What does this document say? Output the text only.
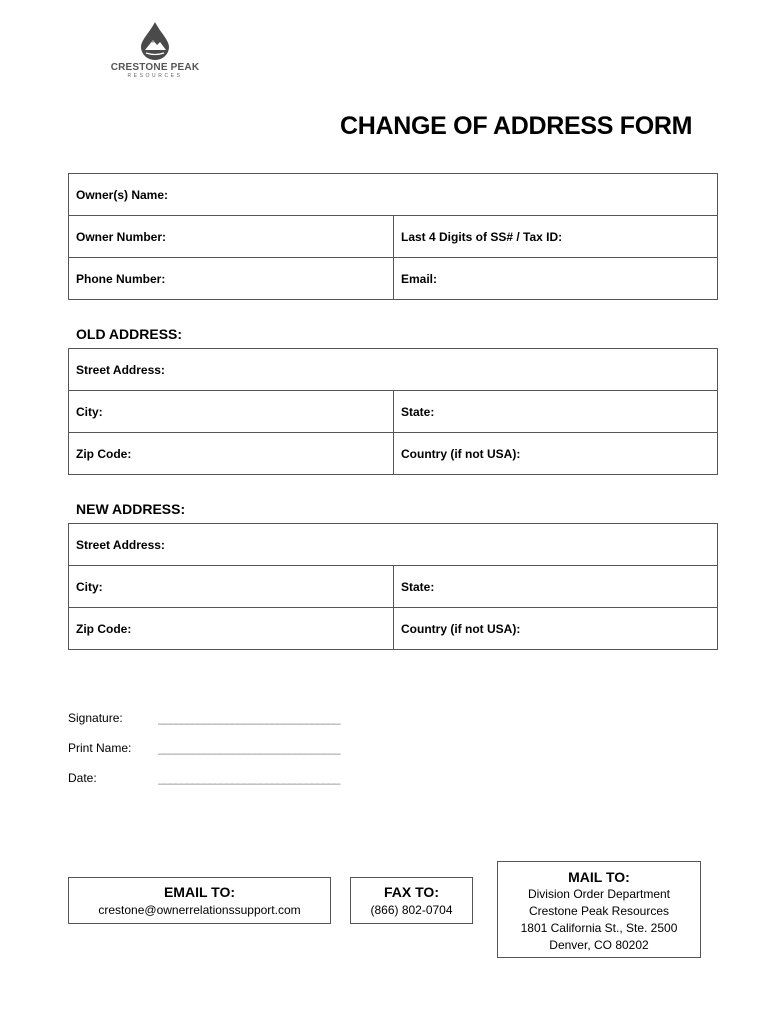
CRESTONE PEAK
RESOURCES
CHANGE OF ADDRESS FORM
Owner(s) Name:	
Owner Number:	Last 4 Digits of SS# / Tax ID:
Phone Number:	Email:
OLD ADDRESS:
Street Address:	
City:	State:
Zip Code:	Country (if not USA):
NEW ADDRESS:
Street Address:	
City:	State:
Zip Code:	Country (if not USA):
Signature:	________________________________
Print Name: ________________________________
Date:	________________________________
EMAIL TO:
crestone@ownerrelationssupport.com
FAX TO:
(866) 802-0704
MAIL TO:
Division Order Department
Crestone Peak Resources
1801 California St., Ste. 2500
Denver, CO 80202
